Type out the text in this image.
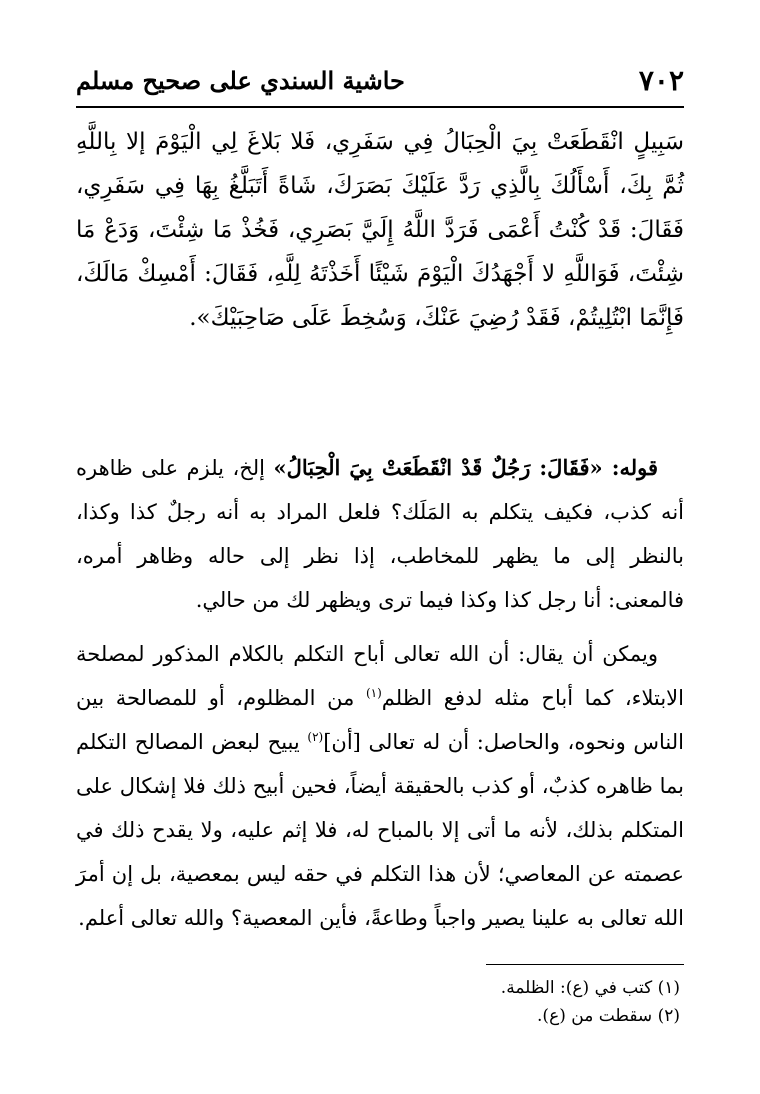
٧٠٢
حاشية السندي على صحيح مسلم
سَبِيلٍ انْقَطَعَتْ بِيَ الْحِبَالُ فِي سَفَرِي، فَلا بَلاغَ لِي الْيَوْمَ إلا بِاللَّهِ ثُمَّ بِكَ، أَسْأَلُكَ بِالَّذِي رَدَّ عَلَيْكَ بَصَرَكَ، شَاةً أَتَبَلَّغُ بِهَا فِي سَفَرِي، فَقَالَ: قَدْ كُنْتُ أَعْمَى فَرَدَّ اللَّهُ إِلَيَّ بَصَرِي، فَخُذْ مَا شِئْتَ، وَدَعْ مَا شِئْتَ، فَوَاللَّهِ لا أَجْهَدُكَ الْيَوْمَ شَيْئًا أَخَذْتَهُ لِلَّهِ، فَقَالَ: أَمْسِكْ مَالَكَ، فَإِنَّمَا ابْتُلِيتُمْ، فَقَدْ رُضِيَ عَنْكَ، وَسُخِطَ عَلَى صَاحِبَيْكَ».

قوله: «فَقَالَ: رَجُلٌ قَدْ انْقَطَعَتْ بِيَ الْحِبَالُ» إلخ، يلزم على ظاهره أنه كذب، فكيف يتكلم به المَلَك؟ فلعل المراد به أنه رجلٌ كذا وكذا، بالنظر إلى ما يظهر للمخاطب، إذا نظر إلى حاله وظاهر أمره، فالمعنى: أنا رجل كذا وكذا فيما ترى ويظهر لك من حالي.

ويمكن أن يقال: أن الله تعالى أباح التكلم بالكلام المذكور لمصلحة الابتلاء، كما أباح مثله لدفع الظلم$^{(١)}$ من المظلوم، أو للمصالحة بين الناس ونحوه، والحاصل: أن له تعالى [أن]$^{(٢)}$ يبيح لبعض المصالح التكلم بما ظاهره كذبٌ، أو كذب بالحقيقة أيضاً، فحين أبيح ذلك فلا إشكال على المتكلم بذلك، لأنه ما أتى إلا بالمباح له، فلا إثم عليه، ولا يقدح ذلك في عصمته عن المعاصي؛ لأن هذا التكلم في حقه ليس بمعصية، بل إن أمرَ الله تعالى به علينا يصير واجباً وطاعةً، فأين المعصية؟ والله تعالى أعلم.

(١) كتب في (ع): الظلمة.
(٢) سقطت من (ع).
